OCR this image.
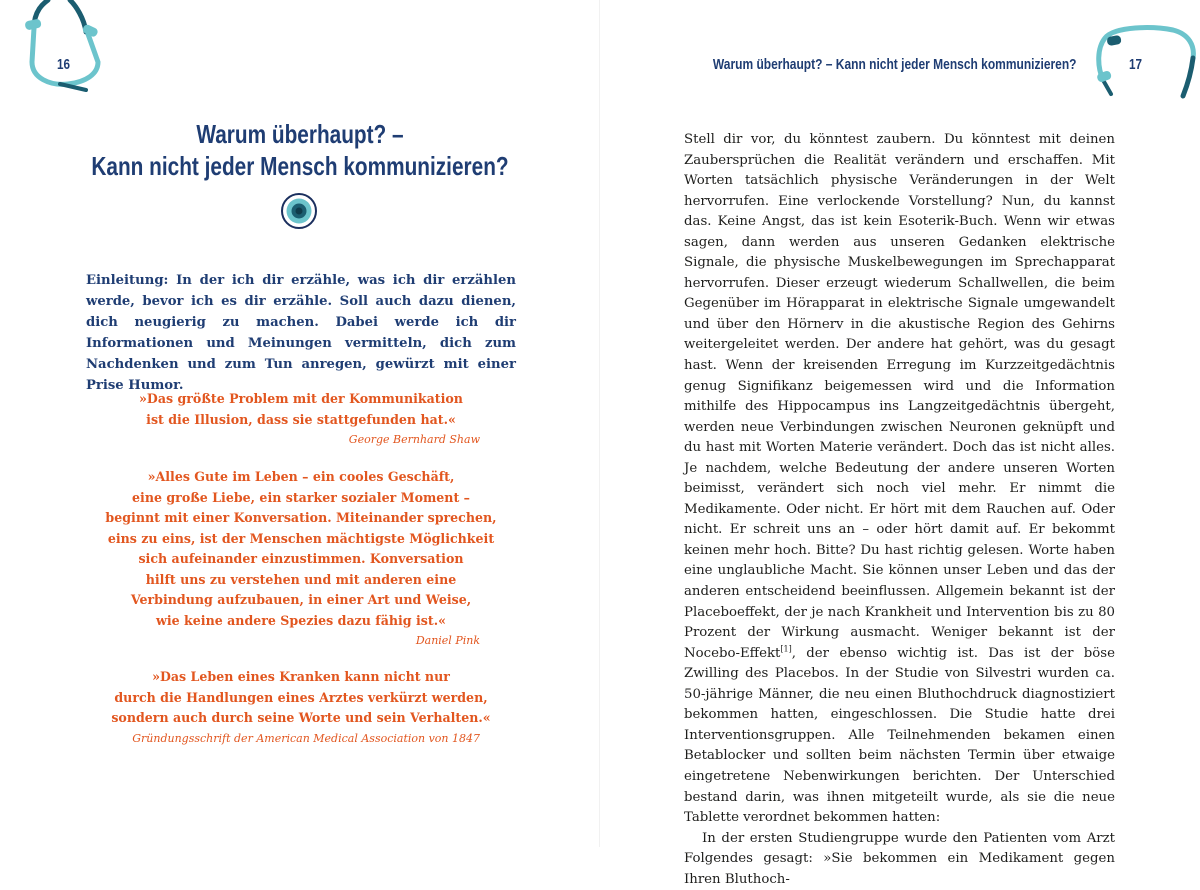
16
Warum überhaupt? –
Kann nicht jeder Mensch kommunizieren?
Einleitung: In der ich dir erzähle, was ich dir erzählen werde, bevor ich es dir erzähle. Soll auch dazu dienen, dich neugierig zu machen. Dabei werde ich dir Informationen und Meinungen vermitteln, dich zum Nachdenken und zum Tun anregen, gewürzt mit einer Prise Humor.
»Das größte Problem mit der Kommunikation
ist die Illusion, dass sie stattgefunden hat.«
George Bernhard Shaw
»Alles Gute im Leben – ein cooles Geschäft,
eine große Liebe, ein starker sozialer Moment –
beginnt mit einer Konversation. Miteinander sprechen,
eins zu eins, ist der Menschen mächtigste Möglichkeit
sich aufeinander einzustimmen. Konversation
hilft uns zu verstehen und mit anderen eine
Verbindung aufzubauen, in einer Art und Weise,
wie keine andere Spezies dazu fähig ist.«
Daniel Pink
»Das Leben eines Kranken kann nicht nur
durch die Handlungen eines Arztes verkürzt werden,
sondern auch durch seine Worte und sein Verhalten.«
Gründungsschrift der American Medical Association von 1847
Warum überhaupt? – Kann nicht jeder Mensch kommunizieren?	17

Stell dir vor, du könntest zaubern. Du könntest mit deinen Zaubersprüchen die Realität verändern und erschaffen. Mit Worten tatsächlich physische Veränderungen in der Welt hervorrufen. Eine verlockende Vorstellung? Nun, du kannst das. Keine Angst, das ist kein Esoterik-Buch. Wenn wir etwas sagen, dann werden aus unseren Gedanken elektrische Signale, die physische Muskelbewegungen im Sprechapparat hervorrufen. Dieser erzeugt wiederum Schallwellen, die beim Gegenüber im Hörapparat in elektrische Signale umgewandelt und über den Hörnerv in die akustische Region des Gehirns weitergeleitet werden. Der andere hat gehört, was du gesagt hast. Wenn der kreisenden Erregung im Kurzzeitgedächtnis genug Signifikanz beigemessen wird und die Information mithilfe des Hippocampus ins Langzeitgedächtnis übergeht, werden neue Verbindungen zwischen Neuronen geknüpft und du hast mit Worten Materie verändert. Doch das ist nicht alles. Je nachdem, welche Bedeutung der andere unseren Worten beimisst, verändert sich noch viel mehr. Er nimmt die Medikamente. Oder nicht. Er hört mit dem Rauchen auf. Oder nicht. Er schreit uns an – oder hört damit auf. Er bekommt keinen mehr hoch. Bitte? Du hast richtig gelesen. Worte haben eine unglaubliche Macht. Sie können unser Leben und das der anderen entscheidend beeinflussen. Allgemein bekannt ist der Placeboeffekt, der je nach Krankheit und Intervention bis zu 80 Prozent der Wirkung ausmacht. Weniger bekannt ist der Nocebo-Effekt[1], der ebenso wichtig ist. Das ist der böse Zwilling des Placebos. In der Studie von Silvestri wurden ca. 50-jährige Männer, die neu einen Bluthochdruck diagnostiziert bekommen hatten, eingeschlossen. Die Studie hatte drei Interventionsgruppen. Alle Teilnehmenden bekamen einen Betablocker und sollten beim nächsten Termin über etwaige eingetretene Nebenwirkungen berichten. Der Unterschied bestand darin, was ihnen mitgeteilt wurde, als sie die neue Tablette verordnet bekommen hatten:

In der ersten Studiengruppe wurde den Patienten vom Arzt Folgendes gesagt: »Sie bekommen ein Medikament gegen Ihren Bluthoch-
